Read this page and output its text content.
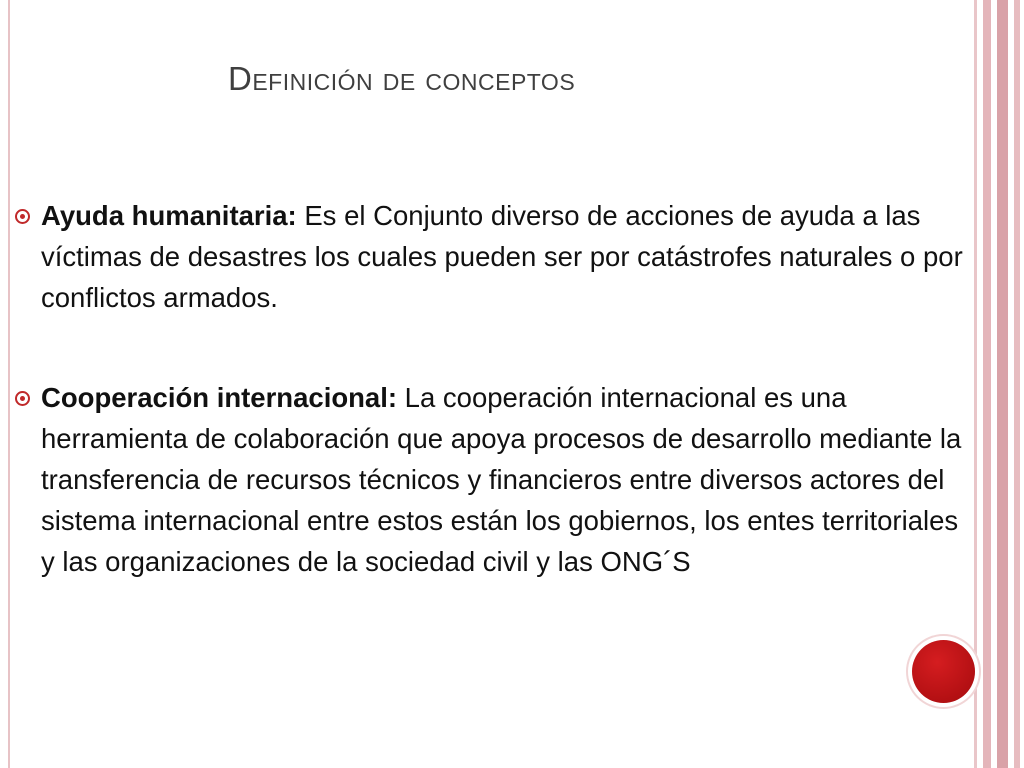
Definición de conceptos
Ayuda humanitaria: Es el Conjunto diverso de acciones de ayuda a las víctimas de desastres los cuales pueden ser por catástrofes naturales o por conflictos armados.
Cooperación internacional: La cooperación internacional es una herramienta de colaboración que apoya procesos de desarrollo mediante la transferencia de recursos técnicos y financieros entre diversos actores del sistema internacional entre estos están los gobiernos, los entes territoriales y las organizaciones de la sociedad civil y las ONG´S
